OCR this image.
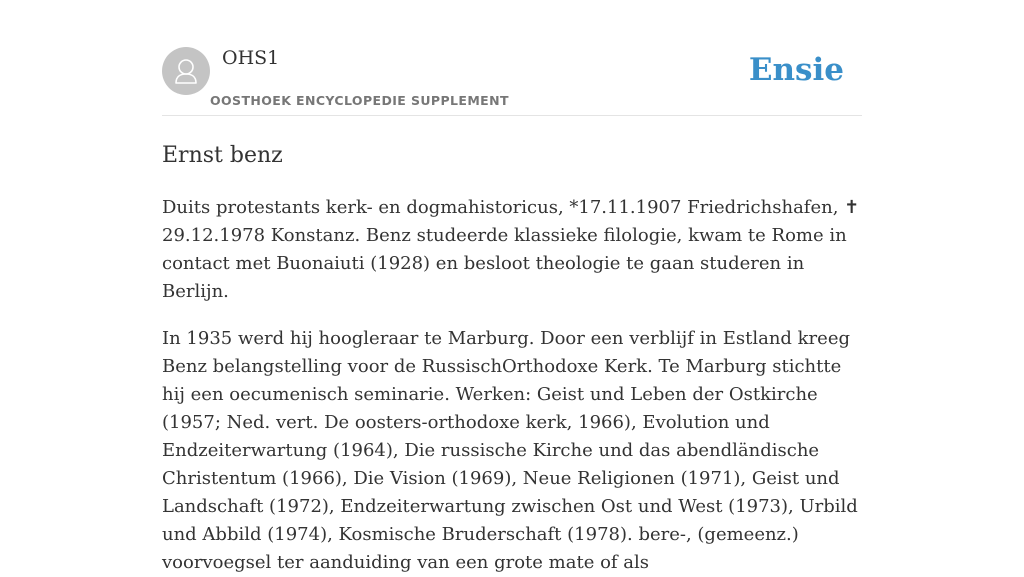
OHS1

OOSTHOEK ENCYCLOPEDIE SUPPLEMENT

Ensie
Ernst benz

Duits protestants kerk- en dogmahistoricus, *17.11.1907 Friedrichshafen, ✝ 29.12.1978 Konstanz. Benz studeerde klassieke filologie, kwam te Rome in contact met Buonaiuti (1928) en besloot theologie te gaan studeren in Berlijn.

In 1935 werd hij hoogleraar te Marburg. Door een verblijf in Estland kreeg Benz belangstelling voor de RussischOrthodoxe Kerk. Te Marburg stichtte hij een oecumenisch seminarie. Werken: Geist und Leben der Ostkirche (1957; Ned. vert. De oosters-orthodoxe kerk, 1966), Evolution und Endzeiterwartung (1964), Die russische Kirche und das abendländische Christentum (1966), Die Vision (1969), Neue Religionen (1971), Geist und Landschaft (1972), Endzeiterwartung zwischen Ost und West (1973), Urbild und Abbild (1974), Kosmische Bruderschaft (1978). bere-, (gemeenz.) voorvoegsel ter aanduiding van een grote mate of als
